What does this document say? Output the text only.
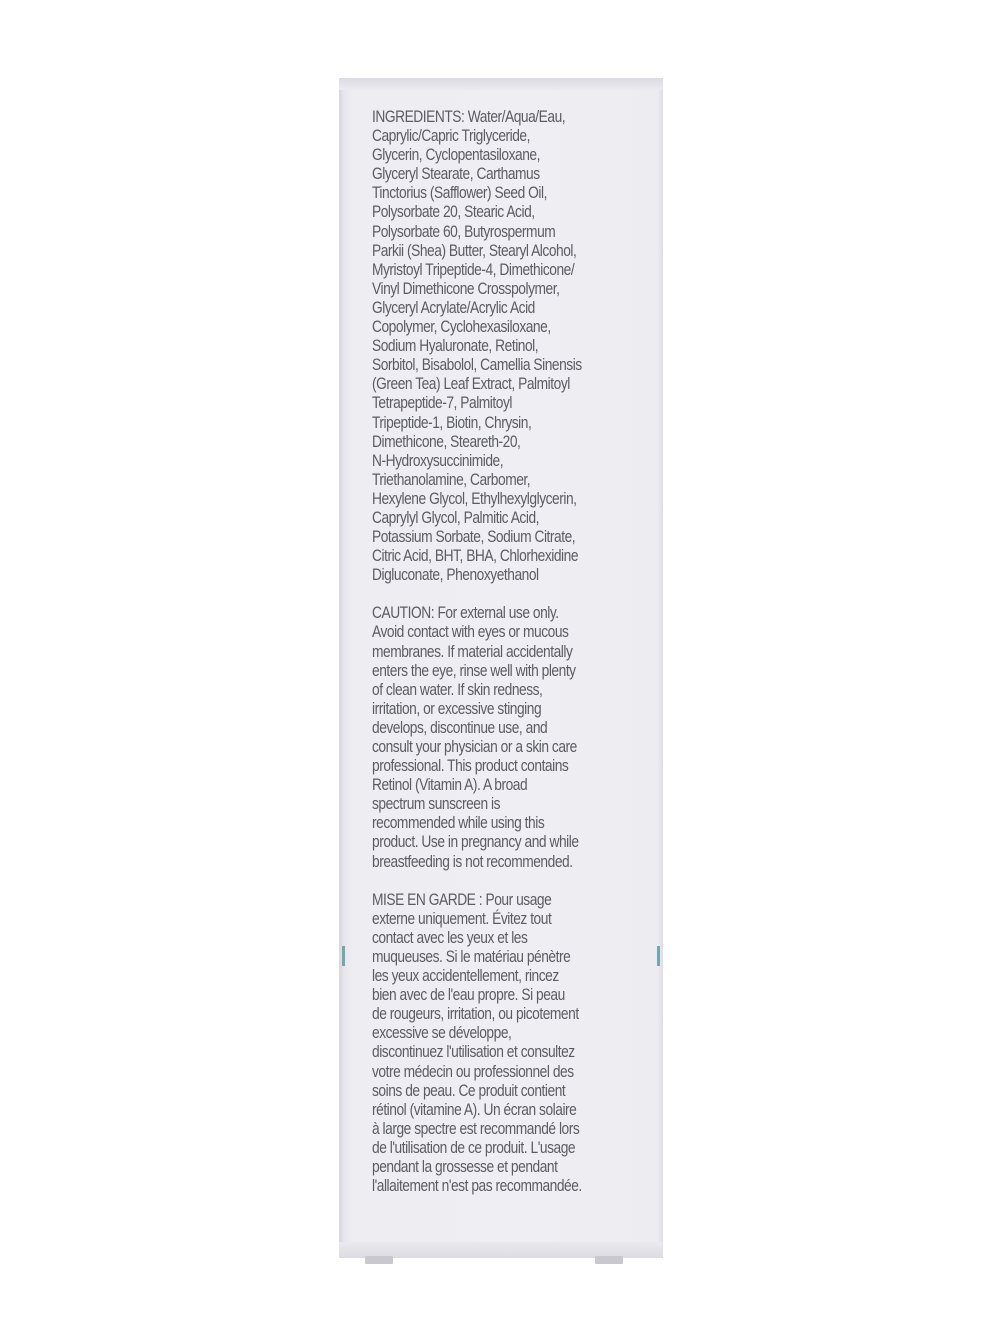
INGREDIENTS: Water/Aqua/Eau,
Caprylic/Capric Triglyceride,
Glycerin, Cyclopentasiloxane,
Glyceryl Stearate, Carthamus
Tinctorius (Safflower) Seed Oil,
Polysorbate 20, Stearic Acid,
Polysorbate 60, Butyrospermum
Parkii (Shea) Butter, Stearyl Alcohol,
Myristoyl Tripeptide-4, Dimethicone/
Vinyl Dimethicone Crosspolymer,
Glyceryl Acrylate/Acrylic Acid
Copolymer, Cyclohexasiloxane,
Sodium Hyaluronate, Retinol,
Sorbitol, Bisabolol, Camellia Sinensis
(Green Tea) Leaf Extract, Palmitoyl
Tetrapeptide-7, Palmitoyl
Tripeptide-1, Biotin, Chrysin,
Dimethicone, Steareth-20,
N-Hydroxysuccinimide,
Triethanolamine, Carbomer,
Hexylene Glycol, Ethylhexylglycerin,
Caprylyl Glycol, Palmitic Acid,
Potassium Sorbate, Sodium Citrate,
Citric Acid, BHT, BHA, Chlorhexidine
Digluconate, Phenoxyethanol

CAUTION: For external use only.
Avoid contact with eyes or mucous
membranes. If material accidentally
enters the eye, rinse well with plenty
of clean water. If skin redness,
irritation, or excessive stinging
develops, discontinue use, and
consult your physician or a skin care
professional. This product contains
Retinol (Vitamin A). A broad
spectrum sunscreen is
recommended while using this
product. Use in pregnancy and while
breastfeeding is not recommended.

MISE EN GARDE : Pour usage
externe uniquement. Évitez tout
contact avec les yeux et les
muqueuses. Si le matériau pénètre
les yeux accidentellement, rincez
bien avec de l'eau propre. Si peau
de rougeurs, irritation, ou picotement
excessive se développe,
discontinuez l'utilisation et consultez
votre médecin ou professionnel des
soins de peau. Ce produit contient
rétinol (vitamine A). Un écran solaire
à large spectre est recommandé lors
de l'utilisation de ce produit. L'usage
pendant la grossesse et pendant
l'allaitement n'est pas recommandée.
